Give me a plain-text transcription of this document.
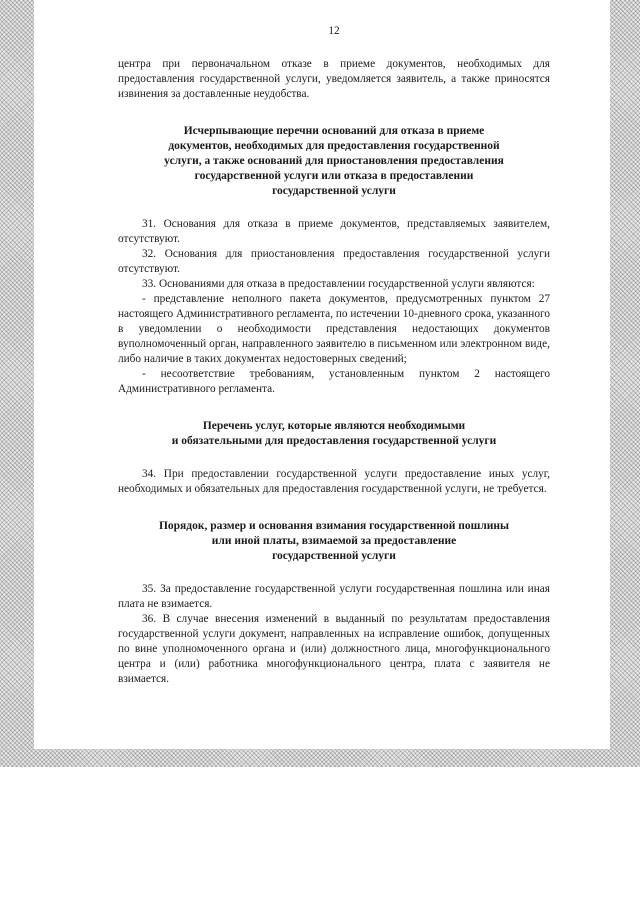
12

центра при первоначальном отказе в приеме документов, необходимых для предоставления государственной услуги, уведомляется заявитель, а также приносятся извинения за доставленные неудобства.

Исчерпывающие перечни оснований для отказа в приеме
документов, необходимых для предоставления государственной
услуги, а также оснований для приостановления предоставления
государственной услуги или отказа в предоставлении
государственной услуги

31. Основания для отказа в приеме документов, представляемых заявителем, отсутствуют.

32. Основания для приостановления предоставления государственной услуги отсутствуют.

33. Основаниями для отказа в предоставлении государственной услуги являются:

- представление неполного пакета документов, предусмотренных пунктом 27 настоящего Административного регламента, по истечении 10-дневного срока, указанного в уведомлении о необходимости представления недостающих документов вуполномоченный орган, направленного заявителю в письменном или электронном виде, либо наличие в таких документах недостоверных сведений;

- несоответствие требованиям, установленным пунктом 2 настоящего Административного регламента.

Перечень услуг, которые являются необходимыми
и обязательными для предоставления государственной услуги

34. При предоставлении государственной услуги предоставление иных услуг, необходимых и обязательных для предоставления государственной услуги, не требуется.

Порядок, размер и основания взимания государственной пошлины
или иной платы, взимаемой за предоставление
государственной услуги

35. За предоставление государственной услуги государственная пошлина или иная плата не взимается.

36. В случае внесения изменений в выданный по результатам предоставления государственной услуги документ, направленных на исправление ошибок, допущенных по вине уполномоченного органа и (или) должностного лица, многофункционального центра и (или) работника многофункционального центра, плата с заявителя не взимается.
